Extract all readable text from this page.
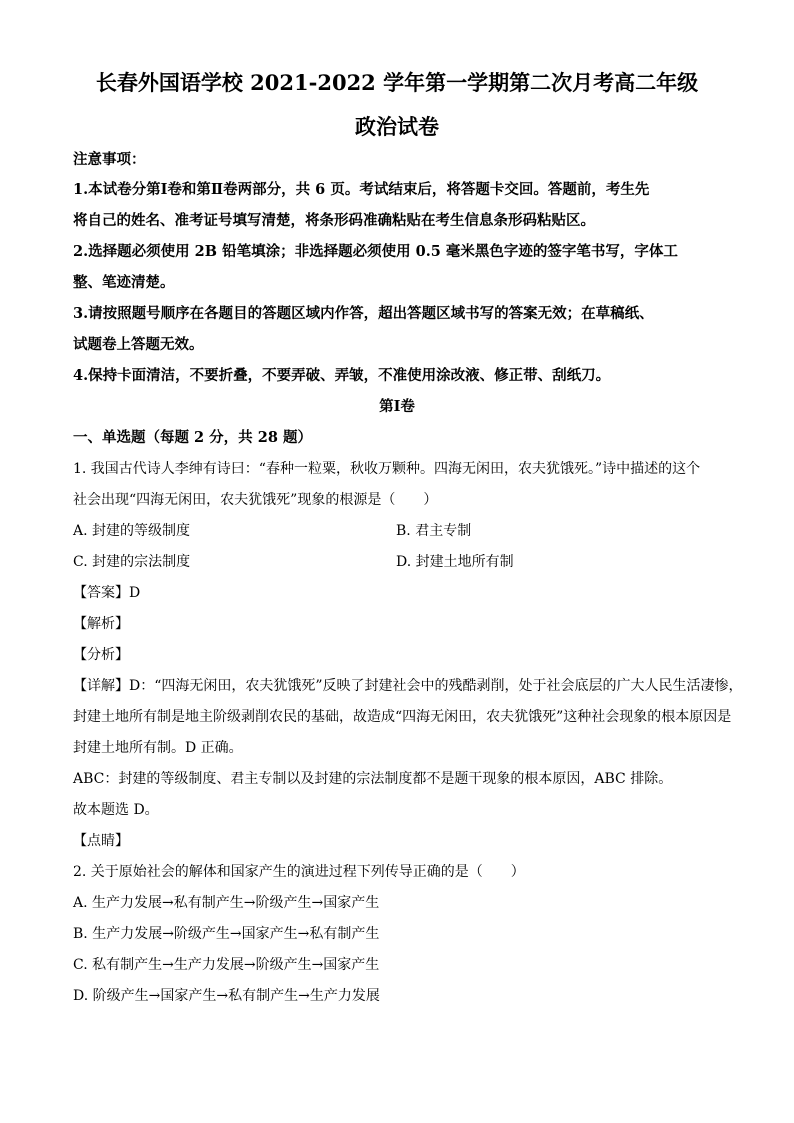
长春外国语学校 2021-2022 学年第一学期第二次月考高二年级
政治试卷
注意事项：
1.本试卷分第Ⅰ卷和第Ⅱ卷两部分，共 6 页。考试结束后，将答题卡交回。答题前，考生先
将自己的姓名、准考证号填写清楚，将条形码准确粘贴在考生信息条形码粘贴区。
2.选择题必须使用 2B 铅笔填涂；非选择题必须使用 0.5 毫米黑色字迹的签字笔书写，字体工
整、笔迹清楚。
3.请按照题号顺序在各题目的答题区域内作答，超出答题区域书写的答案无效；在草稿纸、
试题卷上答题无效。
4.保持卡面清洁，不要折叠，不要弄破、弄皱，不准使用涂改液、修正带、刮纸刀。
第Ⅰ卷
一、单选题（每题 2 分，共 28 题）
1. 我国古代诗人李绅有诗曰：“春种一粒粟，秋收万颗种。四海无闲田，农夫犹饿死。”诗中描述的这个
社会出现“四海无闲田，农夫犹饿死”现象的根源是（　　）
A. 封建的等级制度	B. 君主专制
C. 封建的宗法制度	D. 封建土地所有制
【答案】D
【解析】
【分析】
【详解】D：“四海无闲田，农夫犹饿死”反映了封建社会中的残酷剥削，处于社会底层的广大人民生活凄惨，
封建土地所有制是地主阶级剥削农民的基础，故造成“四海无闲田，农夫犹饿死”这种社会现象的根本原因是
封建土地所有制。D 正确。
ABC：封建的等级制度、君主专制以及封建的宗法制度都不是题干现象的根本原因，ABC 排除。
故本题选 D。
【点睛】
2. 关于原始社会的解体和国家产生的演进过程下列传导正确的是（　　）
A. 生产力发展→私有制产生→阶级产生→国家产生
B. 生产力发展→阶级产生→国家产生→私有制产生
C. 私有制产生→生产力发展→阶级产生→国家产生
D. 阶级产生→国家产生→私有制产生→生产力发展
